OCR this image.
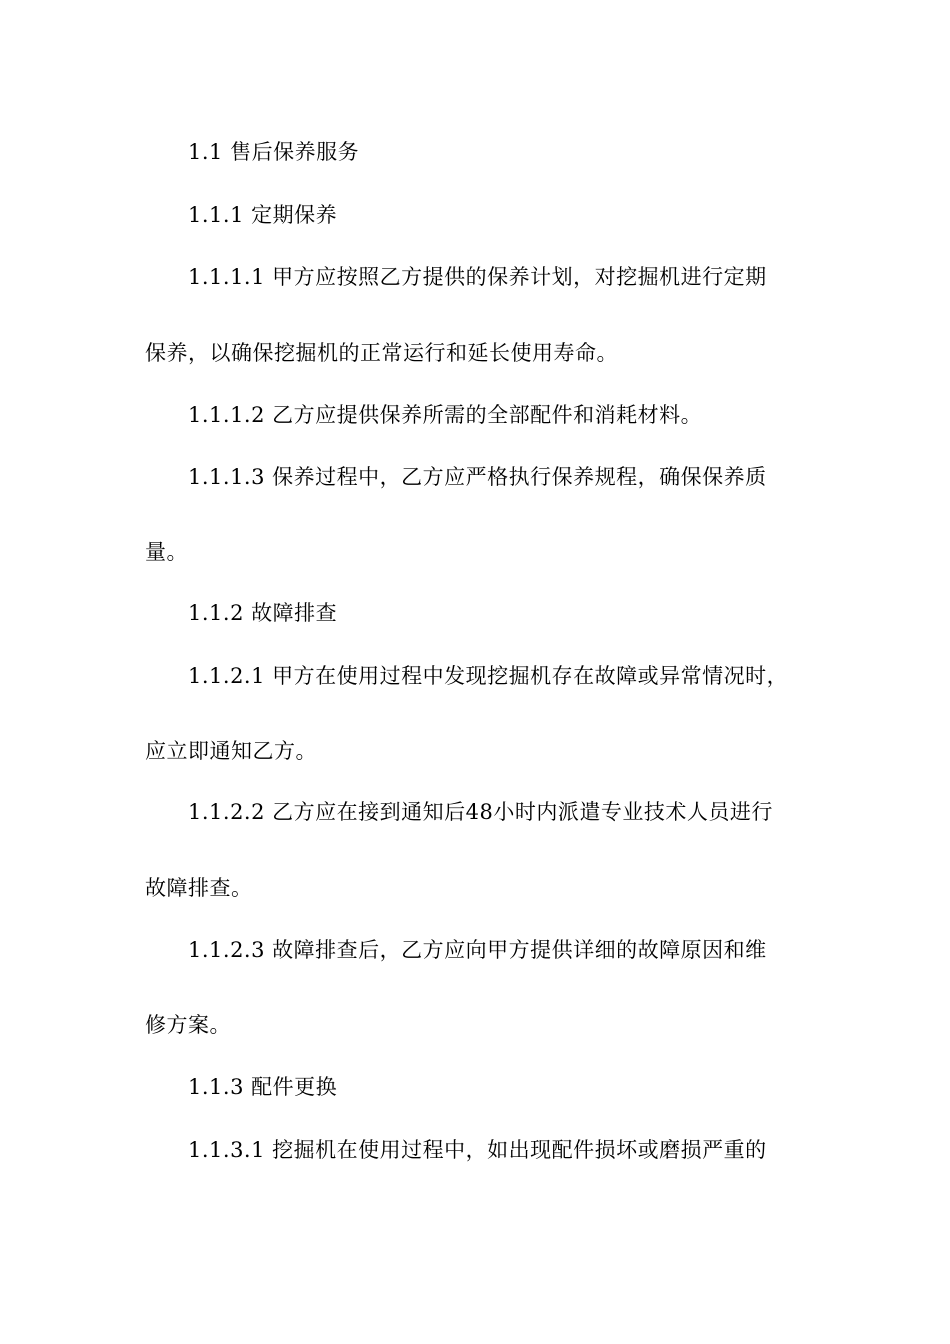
1.1 售后保养服务
1.1.1 定期保养
1.1.1.1 甲方应按照乙方提供的保养计划，对挖掘机进行定期
保养，以确保挖掘机的正常运行和延长使用寿命。
1.1.1.2 乙方应提供保养所需的全部配件和消耗材料。
1.1.1.3 保养过程中，乙方应严格执行保养规程，确保保养质
量。
1.1.2 故障排查
1.1.2.1 甲方在使用过程中发现挖掘机存在故障或异常情况时，
应立即通知乙方。
1.1.2.2 乙方应在接到通知后48小时内派遣专业技术人员进行
故障排查。
1.1.2.3 故障排查后，乙方应向甲方提供详细的故障原因和维
修方案。
1.1.3 配件更换
1.1.3.1 挖掘机在使用过程中，如出现配件损坏或磨损严重的
